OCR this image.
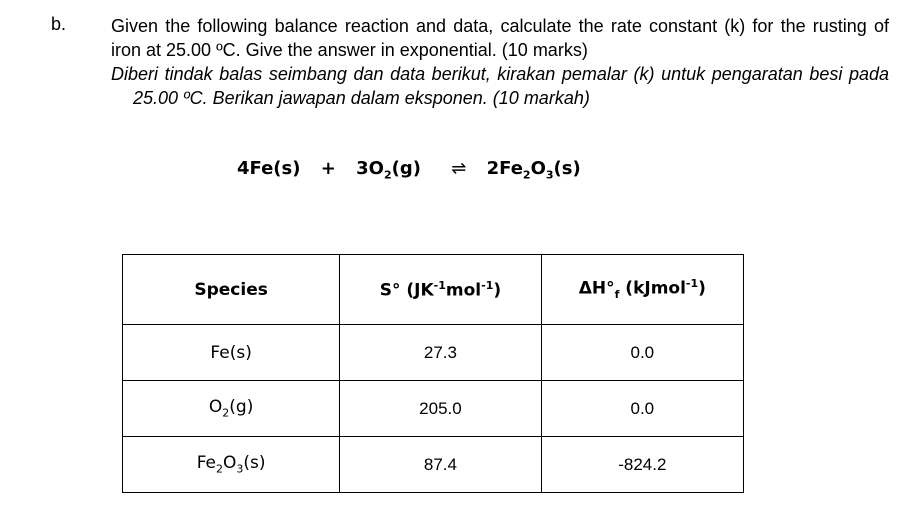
b. Given the following balance reaction and data, calculate the rate constant (k) for the rusting of iron at 25.00 ºC. Give the answer in exponential. (10 marks)
Diberi tindak balas seimbang dan data berikut, kirakan pemalar (k) untuk pengaratan besi pada25.00 ºC. Berikan jawapan dalam eksponen. (10 markah)
$4Fe(s) + 3O_2(g)$ ⇌ $2Fe_2O_3(s)$
Species	S° $(JK^{-1}mol^{-1})$	$\Delta H^\circ_f$ (kJmol$^{-1}$)
Fe(s)	27.3	0.0
$O_2(g)$	205.0	0.0
$Fe_2O_3(s)$	87.4	-824.2
